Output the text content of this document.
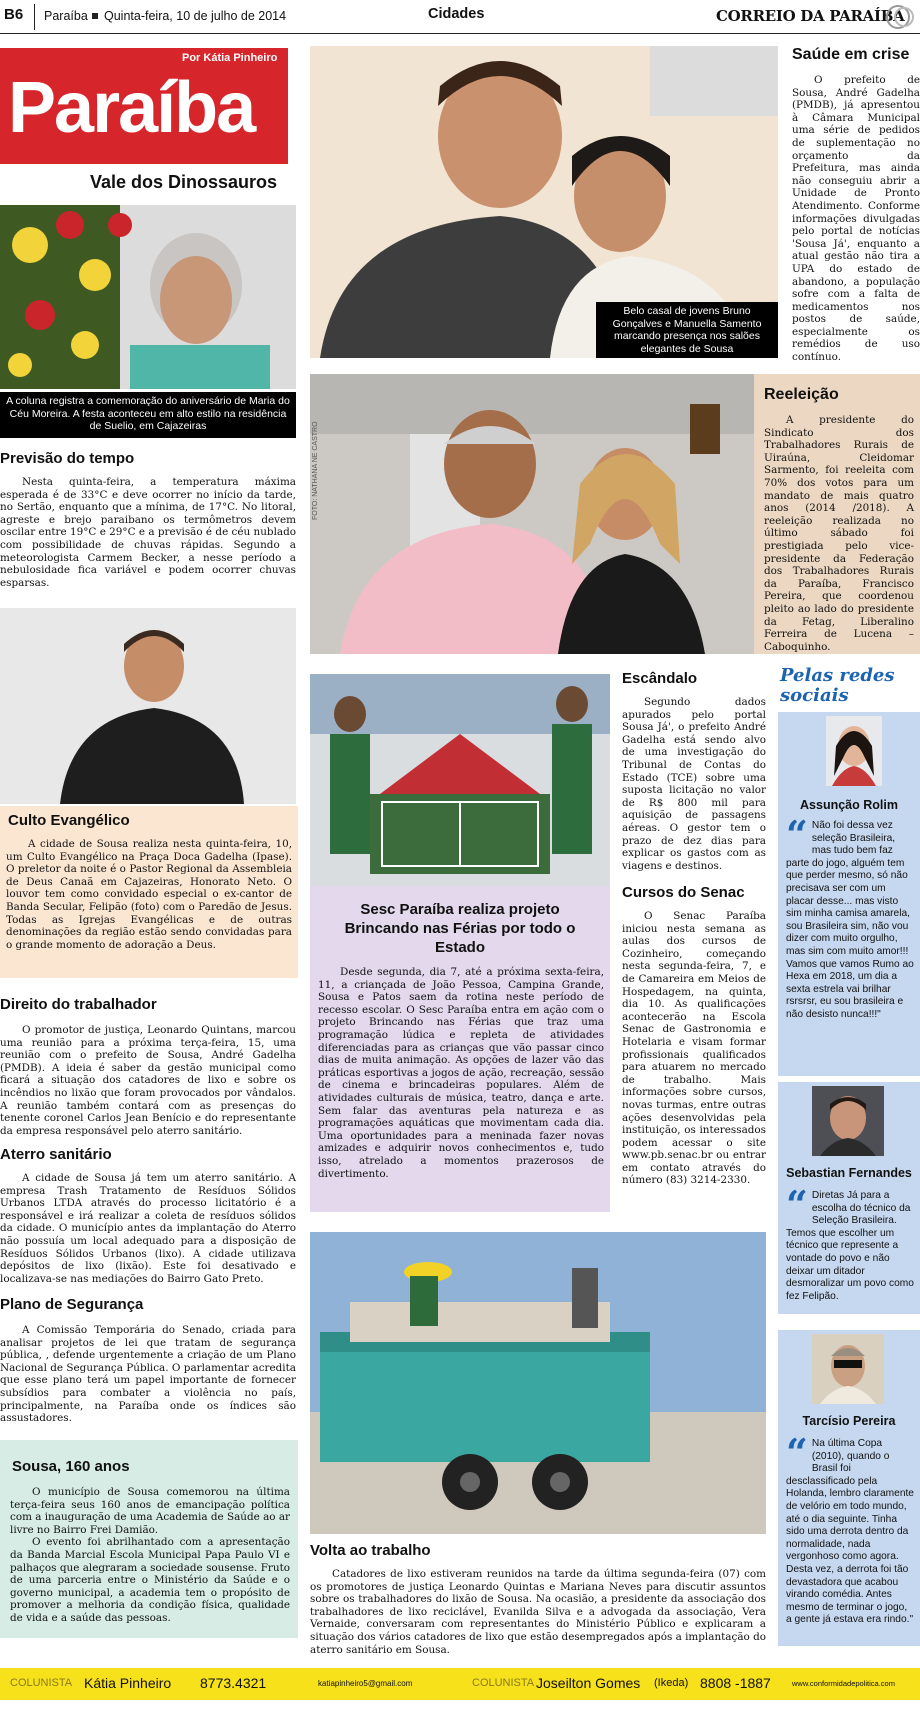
B6 Paraíba Quinta-feira, 10 de julho de 2014	Cidades	CORREIO DA PARAÍBA
Por Kátia Pinheiro
Paraíba
Vale dos Dinossauros
A coluna registra a comemoração do aniversário de Maria do Céu Moreira. A festa aconteceu em alto estilo na residência de Suelio, em Cajazeiras
Previsão do tempo

Nesta quinta-feira, a temperatura máxima esperada é de 33°C e deve ocorrer no início da tarde, no Sertão, enquanto que a mínima, de 17°C. No litoral, agreste e brejo paraibano os termômetros devem oscilar entre 19°C e 29°C e a previsão é de céu nublado com possibilidade de chuvas rápidas. Segundo a meteorologista Carmem Becker, a nesse período a nebulosidade fica variável e podem ocorrer chuvas esparsas.

Culto Evangélico

A cidade de Sousa realiza nesta quinta-feira, 10, um Culto Evangélico na Praça Doca Gadelha (Ipase). O preletor da noite é o Pastor Regional da Assembleia de Deus Canaã em Cajazeiras, Honorato Neto. O louvor tem como convidado especial o ex-cantor de Banda Secular, Felipão (foto) com o Paredão de Jesus. Todas as Igrejas Evangélicas e de outras denominações da região estão sendo convidadas para o grande momento de adoração a Deus.

Direito do trabalhador

O promotor de justiça, Leonardo Quintans, marcou uma reunião para a próxima terça-feira, 15, uma reunião com o prefeito de Sousa, André Gadelha (PMDB). A ideia é saber da gestão municipal como ficará a situação dos catadores de lixo e sobre os incêndios no lixão que foram provocados por vândalos. A reunião também contará com as presenças do tenente coronel Carlos Jean Benício e do representante da empresa responsável pelo aterro sanitário.

Aterro sanitário

A cidade de Sousa já tem um aterro sanitário. A empresa Trash Tratamento de Resíduos Sólidos Urbanos LTDA através do processo licitatório é a responsável e irá realizar a coleta de resíduos sólidos da cidade. O município antes da implantação do Aterro não possuía um local adequado para a disposição de Resíduos Sólidos Urbanos (lixo). A cidade utilizava depósitos de lixo (lixão). Este foi desativado e localizava-se nas mediações do Bairro Gato Preto.

Plano de Segurança

A Comissão Temporária do Senado, criada para analisar projetos de lei que tratam de segurança pública, , defende urgentemente a criação de um Plano Nacional de Segurança Pública. O parlamentar acredita que esse plano terá um papel importante de fornecer subsídios para combater a violência no país, principalmente, na Paraíba onde os índices são assustadores.

Sousa, 160 anos

O município de Sousa comemorou na última terça-feira seus 160 anos de emancipação política com a inauguração de uma Academia de Saúde ao ar livre no Bairro Frei Damião.

O evento foi abrilhantado com a apresentação da Banda Marcial Escola Municipal Papa Paulo VI e palhaços que alegraram a sociedade sousense. Fruto de uma parceria entre o Ministério da Saúde e o governo municipal, a academia tem o propósito de promover a melhoria da condição física, qualidade de vida e a saúde das pessoas.

Belo casal de jovens Bruno Gonçalves e Manuella Samento marcando presença nos salões elegantes de Sousa
Saúde em crise

O prefeito de Sousa, André Gadelha (PMDB), já apresentou à Câmara Municipal uma série de pedidos de suplementação no orçamento da Prefeitura, mas ainda não conseguiu abrir a Unidade de Pronto Atendimento. Conforme informações divulgadas pelo portal de notícias 'Sousa Já', enquanto a atual gestão não tira a UPA do estado de abandono, a população sofre com a falta de medicamentos nos postos de saúde, especialmente os remédios de uso contínuo.

FOTO: NATHANA NE CASTRO
Reeleição

A presidente do Sindicato dos Trabalhadores Rurais de Uiraúna, Cleidomar Sarmento, foi reeleita com 70% dos votos para um mandato de mais quatro anos (2014 /2018). A reeleição realizada no último sábado foi prestigiada pelo vice-presidente da Federação dos Trabalhadores Rurais da Paraíba, Francisco Pereira, que coordenou pleito ao lado do presidente da Fetag, Liberalino Ferreira de Lucena – Caboquinho.

Sesc Paraíba realiza projeto Brincando nas Férias por todo o Estado

Desde segunda, dia 7, até a próxima sexta-feira, 11, a criançada de João Pessoa, Campina Grande, Sousa e Patos saem da rotina neste período de recesso escolar. O Sesc Paraíba entra em ação com o projeto Brincando nas Férias que traz uma programação lúdica e repleta de atividades diferenciadas para as crianças que vão passar cinco dias de muita animação. As opções de lazer vão das práticas esportivas a jogos de ação, recreação, sessão de cinema e brincadeiras populares. Além de atividades culturais de música, teatro, dança e arte. Sem falar das aventuras pela natureza e as programações aquáticas que movimentam cada dia. Uma oportunidades para a meninada fazer novas amizades e adquirir novos conhecimentos e, tudo isso, atrelado a momentos prazerosos de divertimento.

Escândalo

Segundo dados apurados pelo portal Sousa Já', o prefeito André Gadelha está sendo alvo de uma investigação do Tribunal de Contas do Estado (TCE) sobre uma suposta licitação no valor de R$ 800 mil para aquisição de passagens aéreas. O gestor tem o prazo de dez dias para explicar os gastos com as viagens e destinos.

Cursos do Senac

O Senac Paraíba iniciou nesta semana as aulas dos cursos de Cozinheiro, começando nesta segunda-feira, 7, e de Camareira em Meios de Hospedagem, na quinta, dia 10. As qualificações acontecerão na Escola Senac de Gastronomia e Hotelaria e visam formar profissionais qualificados para atuarem no mercado de trabalho. Mais informações sobre cursos, novas turmas, entre outras ações desenvolvidas pela instituição, os interessados podem acessar o site www.pb.senac.br ou entrar em contato através do número (83) 3214-2330.

Volta ao trabalho

Catadores de lixo estiveram reunidos na tarde da última segunda-feira (07) com os promotores de justiça Leonardo Quintas e Mariana Neves para discutir assuntos sobre os trabalhadores do lixão de Sousa. Na ocasião, a presidente da associação dos trabalhadores de lixo reciclável, Evanilda Silva e a advogada da associação, Vera Vernaide, conversaram com representantes do Ministério Público e explicaram a situação dos vários catadores de lixo que estão desempregados após a implantação do aterro sanitário em Sousa.

Pelas redes sociais
Assunção Rolim
“ Não foi dessa vez seleção Brasileira, mas tudo bem faz parte do jogo, alguém tem que perder mesmo, só não precisava ser com um placar desse... mas visto sim minha camisa amarela, sou Brasileira sim, não vou dizer com muito orgulho, mas sim com muito amor!!! Vamos que vamos Rumo ao Hexa em 2018, um dia a sexta estrela vai brilhar rsrsrsr, eu sou brasileira e não desisto nunca!!!"
Sebastian Fernandes
“ Diretas Já para a escolha do técnico da Seleção Brasileira. Temos que escolher um técnico que represente a vontade do povo e não deixar um ditador desmoralizar um povo como fez Felipão.
Tarcísio Pereira
“ Na última Copa (2010), quando o Brasil foi desclassificado pela Holanda, lembro claramente de velório em todo mundo, até o dia seguinte. Tinha sido uma derrota dentro da normalidade, nada vergonhoso como agora. Desta vez, a derrota foi tão devastadora que acabou virando comédia. Antes mesmo de terminar o jogo, a gente já estava era rindo."
COLUNISTA Kátia Pinheiro 8773.4321	katiapinheiro5@gmail.com	COLUNISTA Joseilton Gomes (Ikeda) 8808 -1887	www.conformidadepolitica.com
